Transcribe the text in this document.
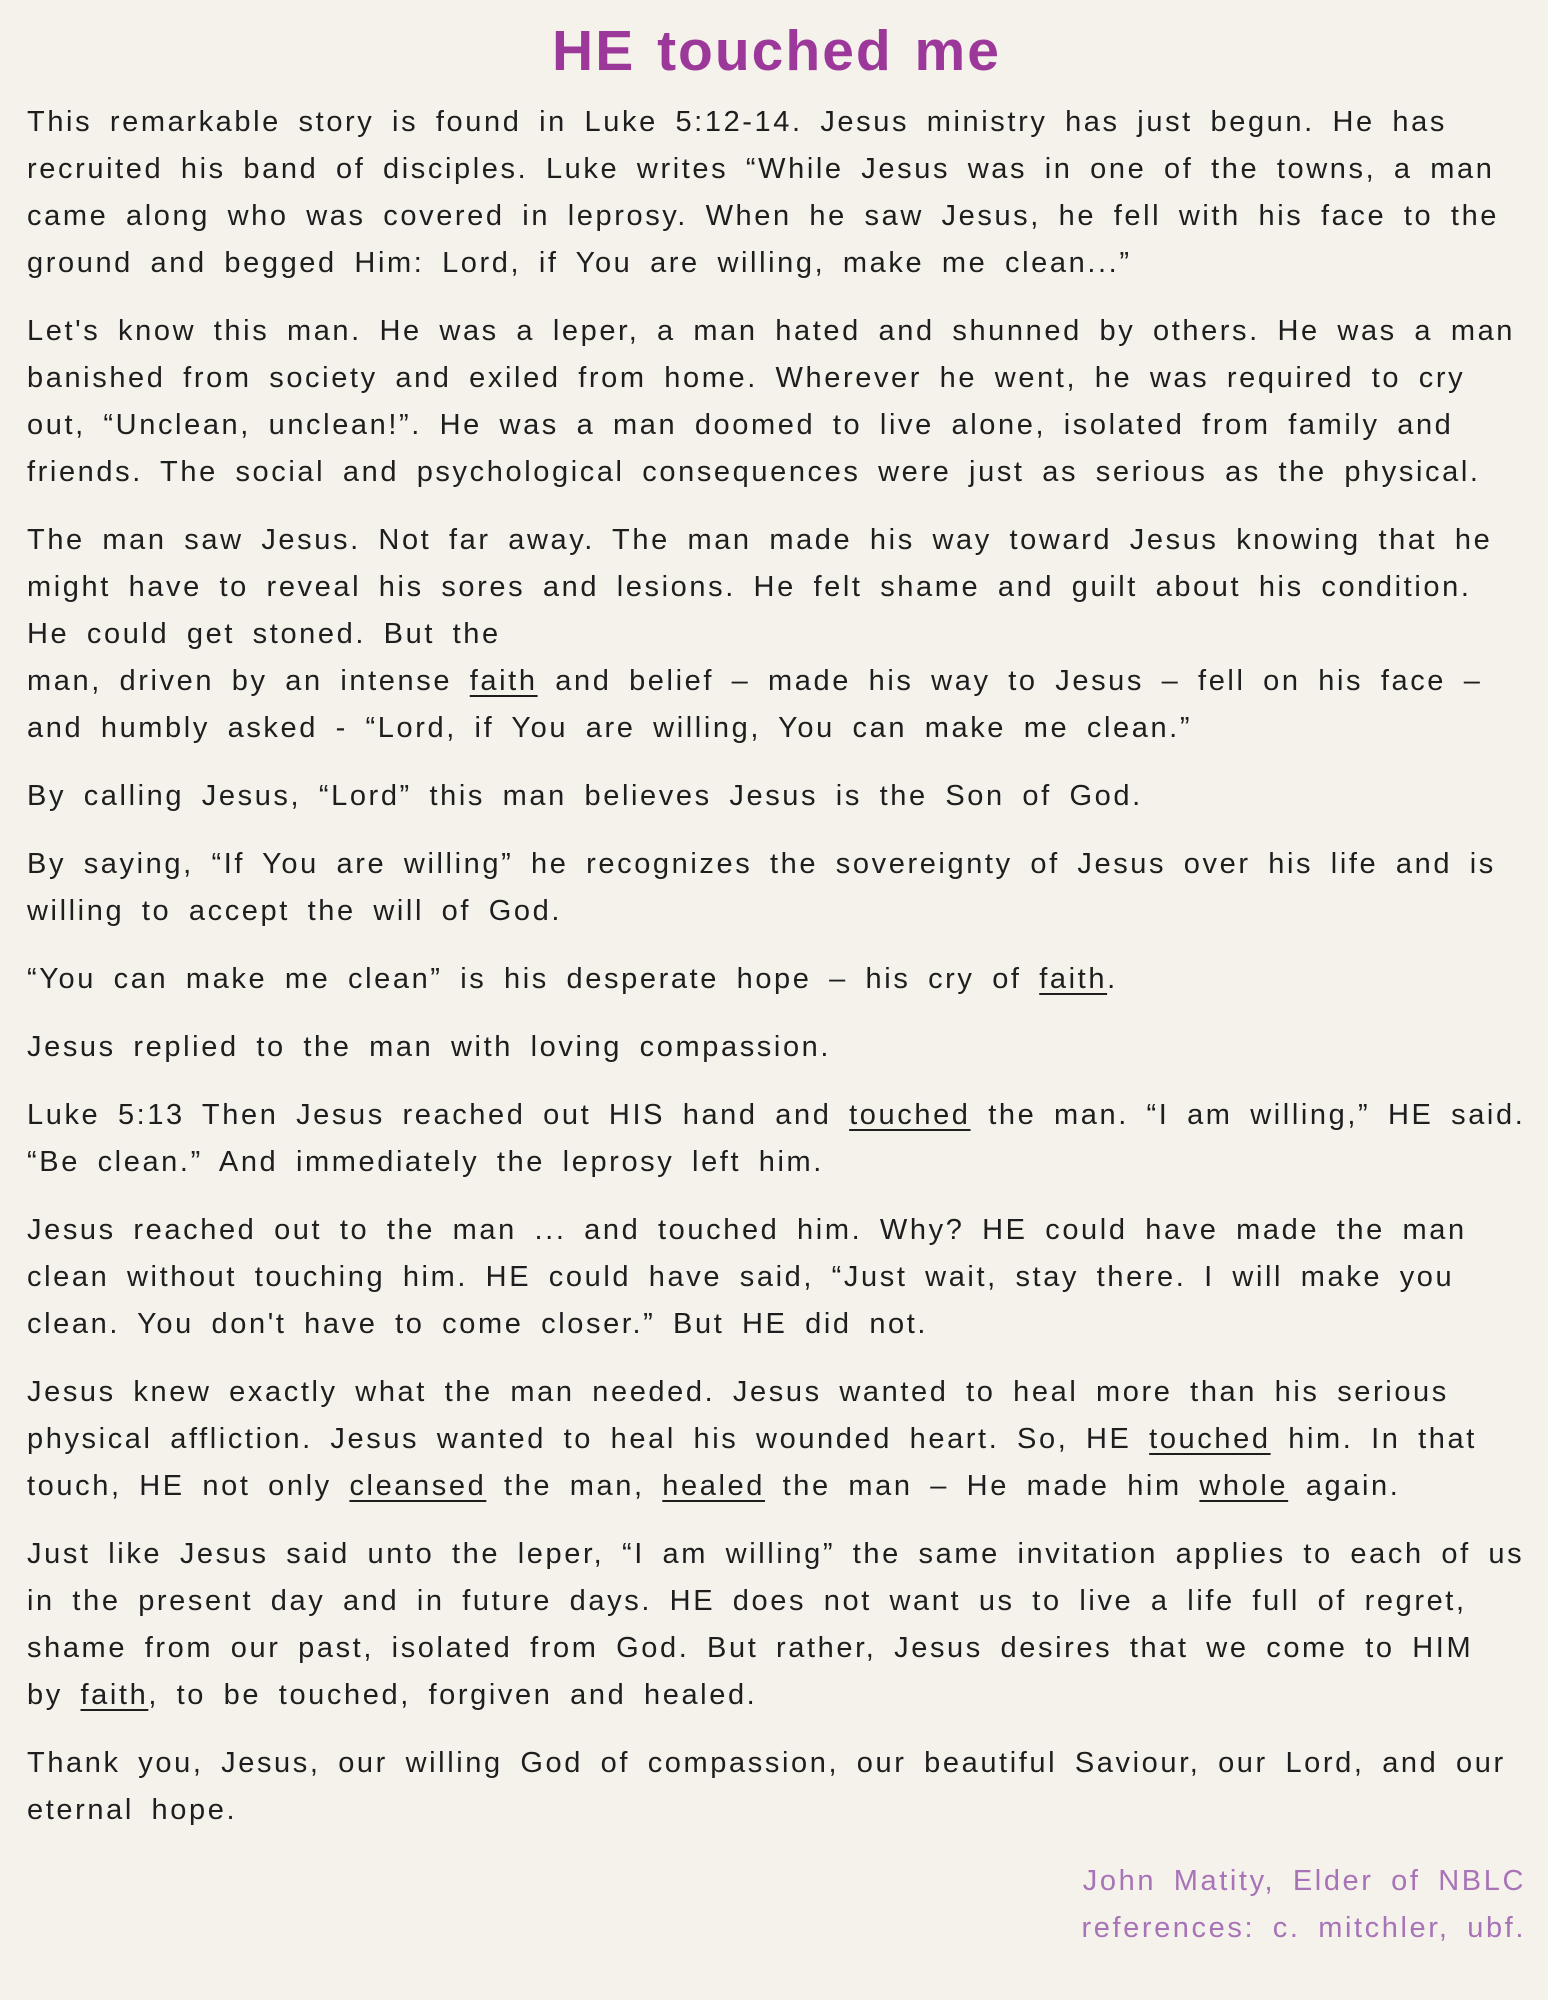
HE touched me

This remarkable story is found in Luke 5:12-14. Jesus ministry has just begun. He has recruited his band of disciples. Luke writes “While Jesus was in one of the towns, a man came along who was covered in leprosy. When he saw Jesus, he fell with his face to the ground and begged Him: Lord, if You are willing, make me clean...”

Let's know this man. He was a leper, a man hated and shunned by others. He was a man banished from society and exiled from home. Wherever he went, he was required to cry out, “Unclean, unclean!”. He was a man doomed to live alone, isolated from family and friends. The social and psychological consequences were just as serious as the physical.

The man saw Jesus. Not far away. The man made his way toward Jesus knowing that he might have to reveal his sores and lesions. He felt shame and guilt about his condition. He could get stoned. But the
man, driven by an intense faith and belief – made his way to Jesus – fell on his face – and humbly asked - “Lord, if You are willing, You can make me clean.”

By calling Jesus, “Lord” this man believes Jesus is the Son of God.

By saying, “If You are willing” he recognizes the sovereignty of Jesus over his life and is willing to accept the will of God.

“You can make me clean” is his desperate hope – his cry of faith.

Jesus replied to the man with loving compassion.

Luke 5:13 Then Jesus reached out HIS hand and touched the man. “I am willing,” HE said. “Be clean.” And immediately the leprosy left him.

Jesus reached out to the man ... and touched him. Why? HE could have made the man clean without touching him. HE could have said, “Just wait, stay there. I will make you clean. You don't have to come closer.” But HE did not.

Jesus knew exactly what the man needed. Jesus wanted to heal more than his serious physical affliction. Jesus wanted to heal his wounded heart. So, HE touched him. In that touch, HE not only cleansed the man, healed the man – He made him whole again.

Just like Jesus said unto the leper, “I am willing” the same invitation applies to each of us in the present day and in future days. HE does not want us to live a life full of regret, shame from our past, isolated from God. But rather, Jesus desires that we come to HIM by faith, to be touched, forgiven and healed.

Thank you, Jesus, our willing God of compassion, our beautiful Saviour, our Lord, and our eternal hope.

John Matity, Elder of NBLC
references: c. mitchler, ubf.
